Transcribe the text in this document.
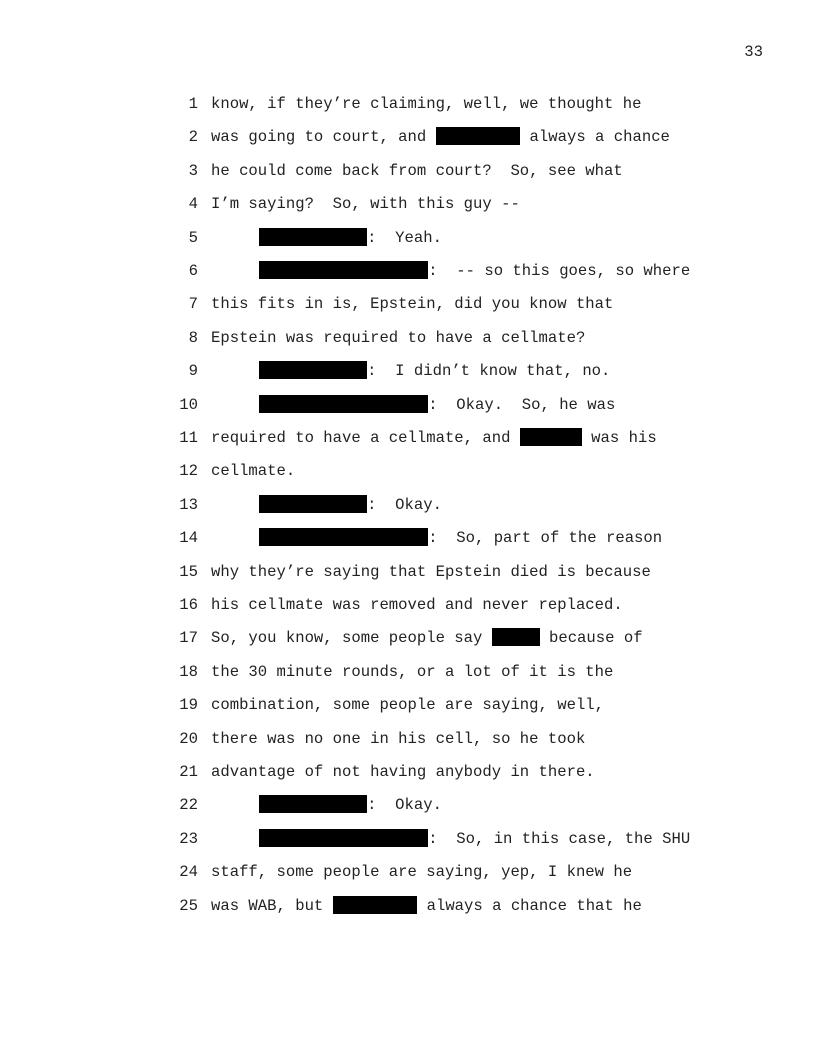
33
1 know, if they’re claiming, well, we thought he
2 was going to court, and	always a chance
3 he could come back from court?  So, see what
4 I’m saying?  So, with this guy --
5	:  Yeah.
6	:  -- so this goes, so where
7 this fits in is, Epstein, did you know that
8 Epstein was required to have a cellmate?
9	:  I didn’t know that, no.
10	:  Okay.  So, he was
11 required to have a cellmate, and	was his
12 cellmate.
13	:  Okay.
14	:  So, part of the reason
15 why they’re saying that Epstein died is because
16 his cellmate was removed and never replaced.
17 So, you know, some people say	because of
18 the 30 minute rounds, or a lot of it is the
19 combination, some people are saying, well,
20 there was no one in his cell, so he took
21 advantage of not having anybody in there.
22	:  Okay.
23	:  So, in this case, the SHU
24 staff, some people are saying, yep, I knew he
25 was WAB, but	always a chance that he
